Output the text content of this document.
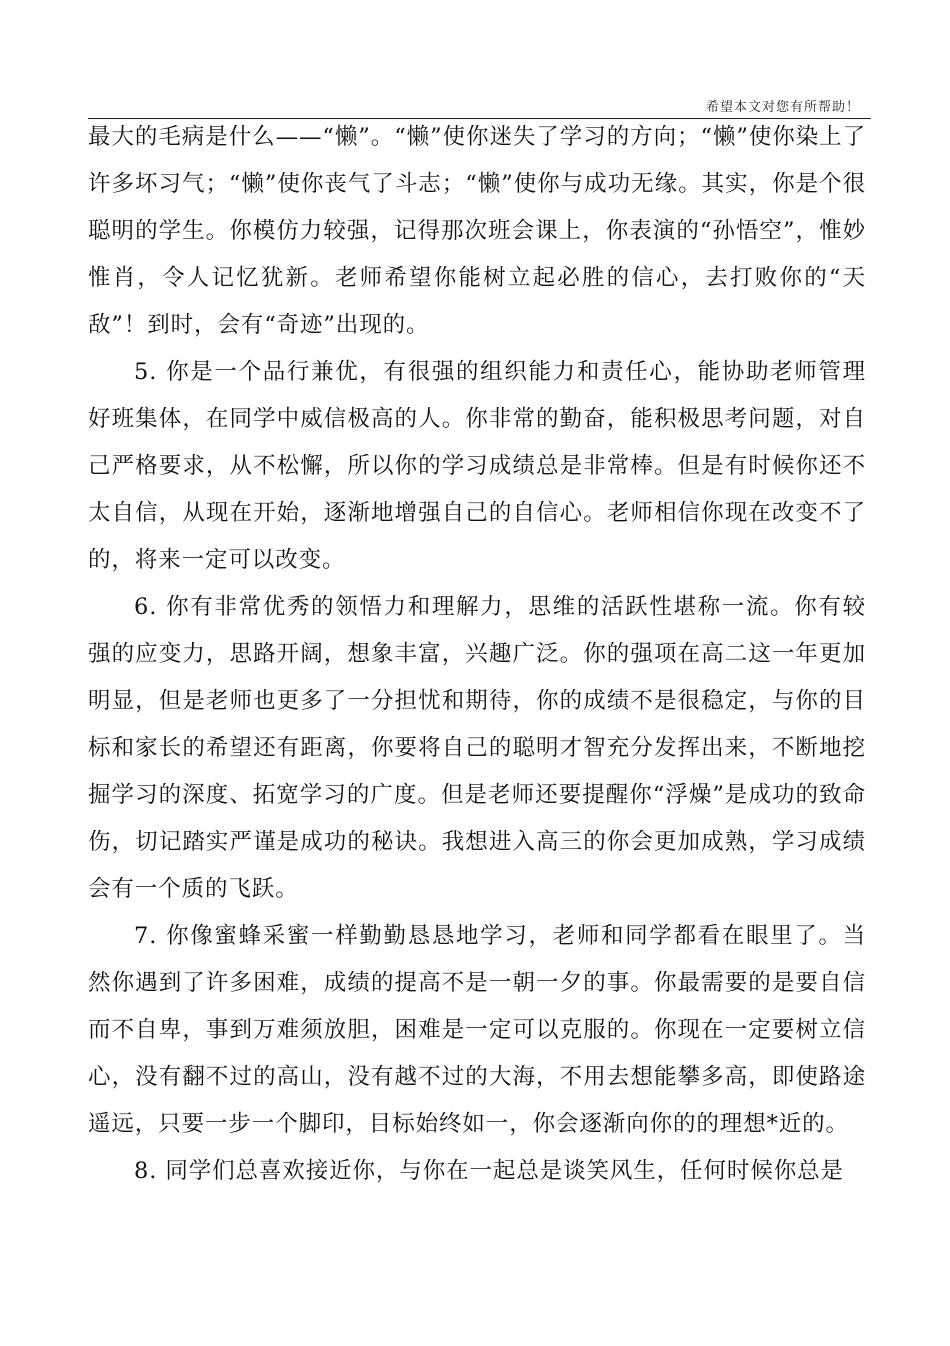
希望本文对您有所帮助！

最大的毛病是什么——“懒”。“懒”使你迷失了学习的方向；“懒”使你染上了许多坏习气；“懒”使你丧气了斗志；“懒”使你与成功无缘。其实，你是个很聪明的学生。你模仿力较强，记得那次班会课上，你表演的“孙悟空”，惟妙惟肖，令人记忆犹新。老师希望你能树立起必胜的信心，去打败你的“天敌”！到时，会有“奇迹”出现的。

5. 你是一个品行兼优，有很强的组织能力和责任心，能协助老师管理好班集体，在同学中威信极高的人。你非常的勤奋，能积极思考问题，对自己严格要求，从不松懈，所以你的学习成绩总是非常棒。但是有时候你还不太自信，从现在开始，逐渐地增强自己的自信心。老师相信你现在改变不了的，将来一定可以改变。

6. 你有非常优秀的领悟力和理解力，思维的活跃性堪称一流。你有较强的应变力，思路开阔，想象丰富，兴趣广泛。你的强项在高二这一年更加明显，但是老师也更多了一分担忧和期待，你的成绩不是很稳定，与你的目标和家长的希望还有距离，你要将自己的聪明才智充分发挥出来，不断地挖掘学习的深度、拓宽学习的广度。但是老师还要提醒你“浮燥”是成功的致命伤，切记踏实严谨是成功的秘诀。我想进入高三的你会更加成熟，学习成绩会有一个质的飞跃。

7. 你像蜜蜂采蜜一样勤勤恳恳地学习，老师和同学都看在眼里了。当然你遇到了许多困难，成绩的提高不是一朝一夕的事。你最需要的是要自信而不自卑，事到万难须放胆，困难是一定可以克服的。你现在一定要树立信心，没有翻不过的高山，没有越不过的大海，不用去想能攀多高，即使路途遥远，只要一步一个脚印，目标始终如一，你会逐渐向你的的理想*近的。

8. 同学们总喜欢接近你，与你在一起总是谈笑风生，任何时候你总是
